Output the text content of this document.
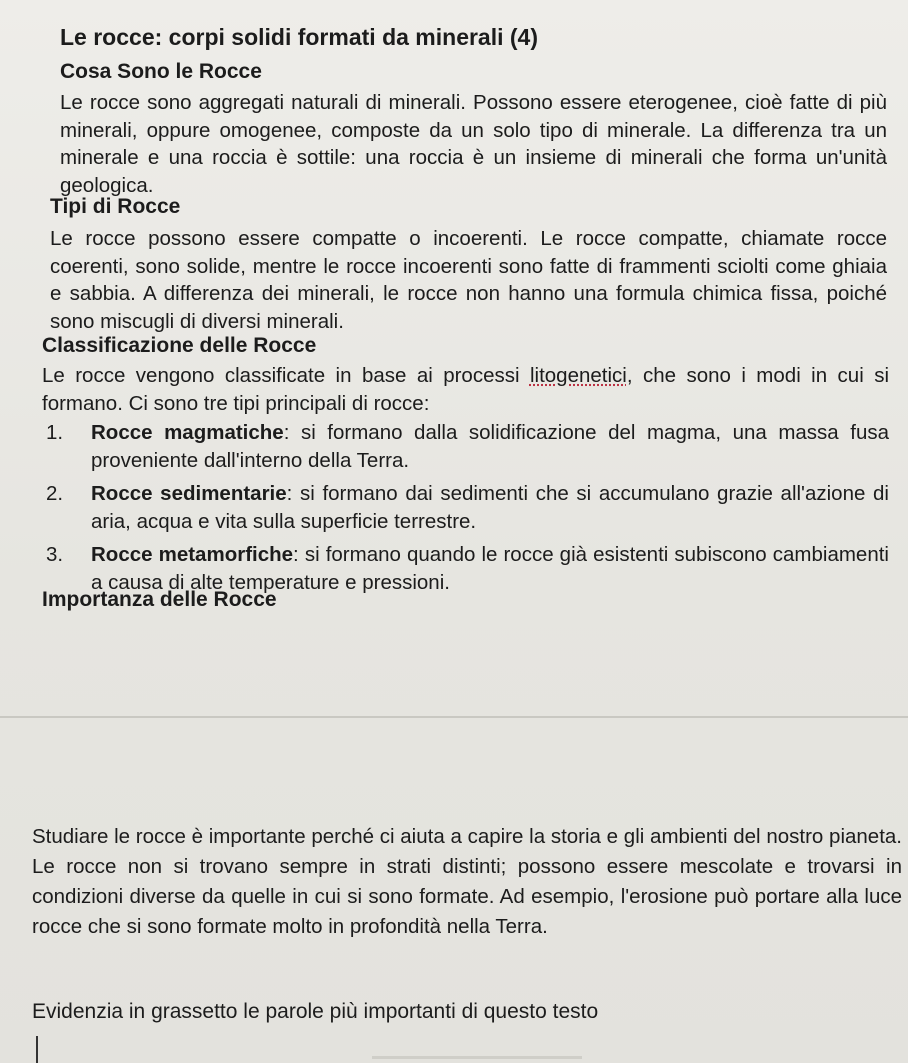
Le rocce: corpi solidi formati da minerali (4)
Cosa Sono le Rocce
Le rocce sono aggregati naturali di minerali. Possono essere eterogenee, cioè fatte di più minerali, oppure omogenee, composte da un solo tipo di minerale. La differenza tra un minerale e una roccia è sottile: una roccia è un insieme di minerali che forma un'unità geologica.
Tipi di Rocce
Le rocce possono essere compatte o incoerenti. Le rocce compatte, chiamate rocce coerenti, sono solide, mentre le rocce incoerenti sono fatte di frammenti sciolti come ghiaia e sabbia. A differenza dei minerali, le rocce non hanno una formula chimica fissa, poiché sono miscugli di diversi minerali.
Classificazione delle Rocce
Le rocce vengono classificate in base ai processi litogenetici, che sono i modi in cui si formano. Ci sono tre tipi principali di rocce:
1. Rocce magmatiche: si formano dalla solidificazione del magma, una massa fusa proveniente dall'interno della Terra.
2. Rocce sedimentarie: si formano dai sedimenti che si accumulano grazie all'azione di aria, acqua e vita sulla superficie terrestre.
3. Rocce metamorfiche: si formano quando le rocce già esistenti subiscono cambiamenti a causa di alte temperature e pressioni.
Importanza delle Rocce
Studiare le rocce è importante perché ci aiuta a capire la storia e gli ambienti del nostro pianeta. Le rocce non si trovano sempre in strati distinti; possono essere mescolate e trovarsi in condizioni diverse da quelle in cui si sono formate. Ad esempio, l'erosione può portare alla luce rocce che si sono formate molto in profondità nella Terra.
Evidenzia in grassetto le parole più importanti di questo testo
